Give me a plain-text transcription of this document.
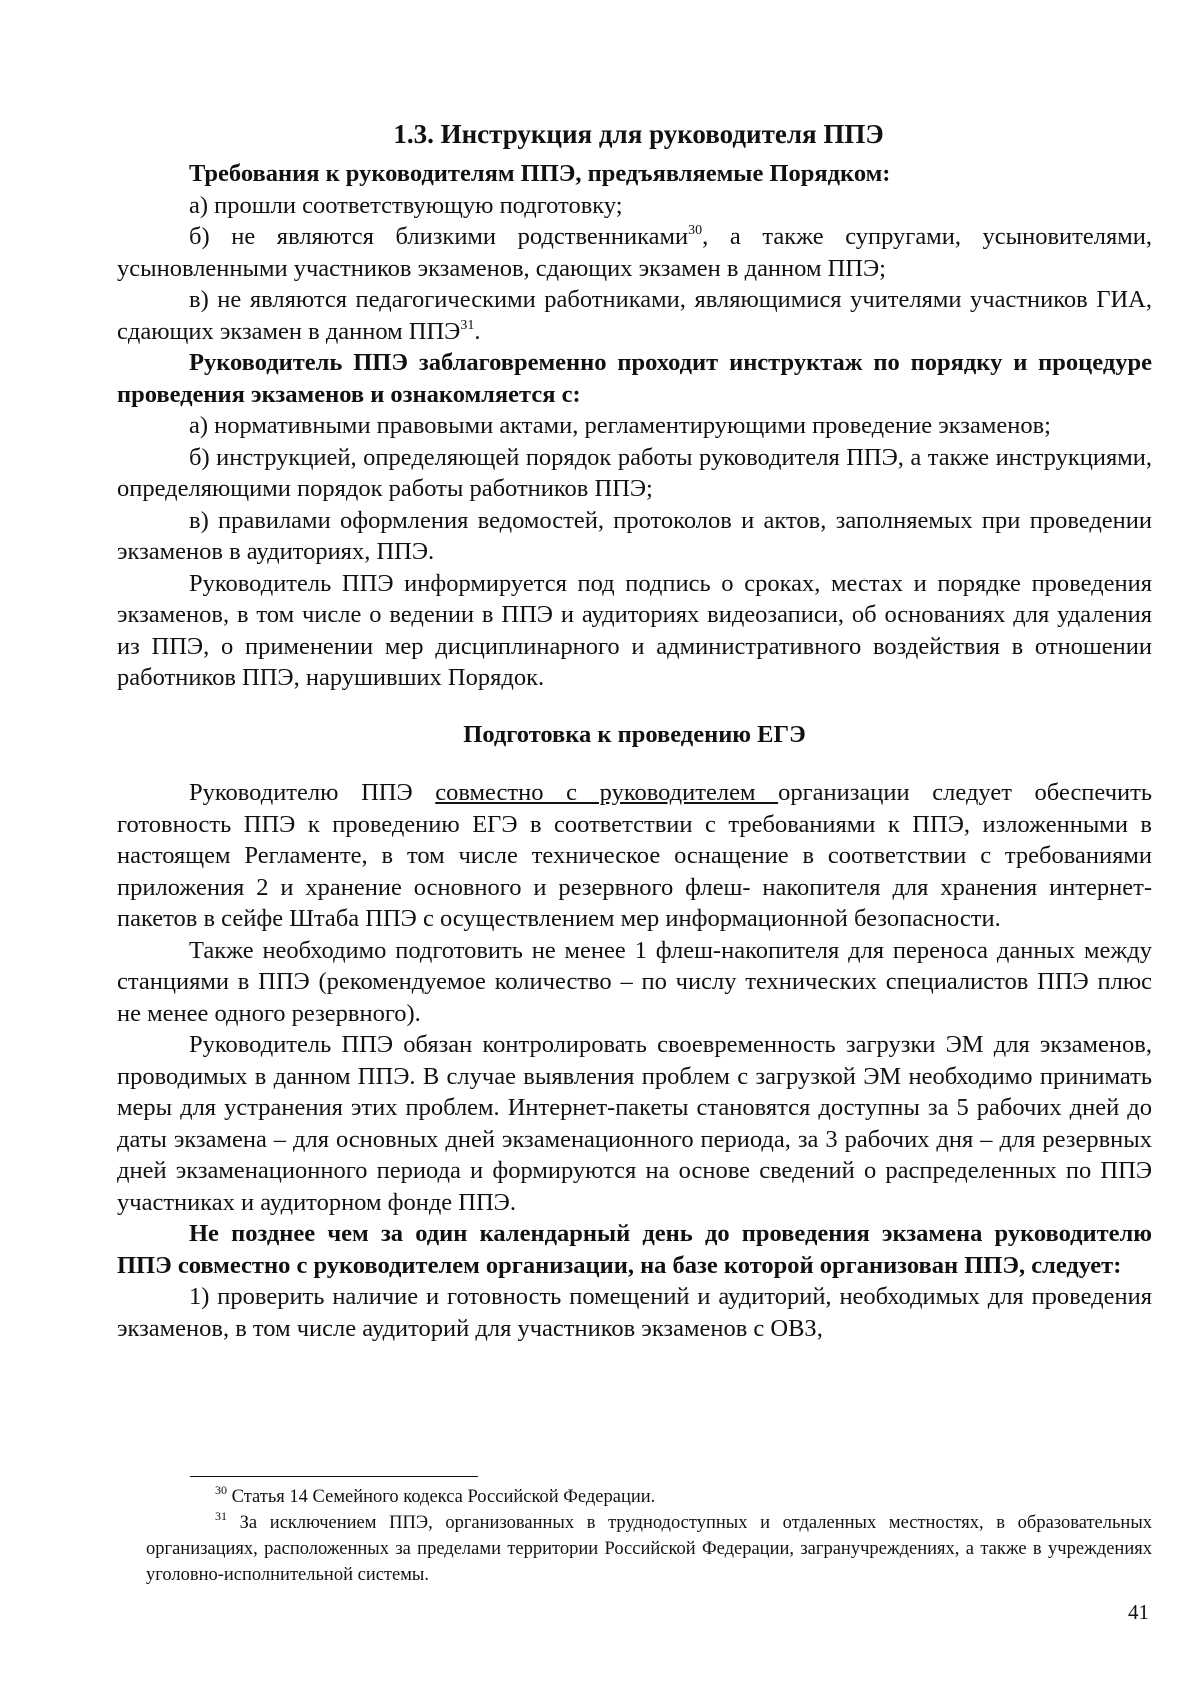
1.3. Инструкция для руководителя ППЭ

Требования к руководителям ППЭ, предъявляемые Порядком:

а) прошли соответствующую подготовку;

б) не являются близкими родственниками$^{30}$, а также супругами, усыновителями, усыновленными участников экзаменов, сдающих экзамен в данном ППЭ;

в) не являются педагогическими работниками, являющимися учителями участников ГИА, сдающих экзамен в данном ППЭ$^{31}$.

Руководитель ППЭ заблаговременно проходит инструктаж по порядку и процедуре проведения экзаменов и ознакомляется с:

а) нормативными правовыми актами, регламентирующими проведение экзаменов;

б) инструкцией, определяющей порядок работы руководителя ППЭ, а также инструкциями, определяющими порядок работы работников ППЭ;

в) правилами оформления ведомостей, протоколов и актов, заполняемых при проведении экзаменов в аудиториях, ППЭ.

Руководитель ППЭ информируется под подпись о сроках, местах и порядке проведения экзаменов, в том числе о ведении в ППЭ и аудиториях видеозаписи, об основаниях для удаления из ППЭ, о применении мер дисциплинарного и административного воздействия в отношении работников ППЭ, нарушивших Порядок.

Подготовка к проведению ЕГЭ

Руководителю ППЭ совместно с руководителем организации следует обеспечить готовность ППЭ к проведению ЕГЭ в соответствии с требованиями к ППЭ, изложенными в настоящем Регламенте, в том числе техническое оснащение в соответствии с требованиями приложения 2 и хранение основного и резервного флеш- накопителя для хранения интернет-пакетов в сейфе Штаба ППЭ с осуществлением мер информационной безопасности.

Также необходимо подготовить не менее 1 флеш-накопителя для переноса данных между станциями в ППЭ (рекомендуемое количество – по числу технических специалистов ППЭ плюс не менее одного резервного).

Руководитель ППЭ обязан контролировать своевременность загрузки ЭМ для экзаменов, проводимых в данном ППЭ. В случае выявления проблем с загрузкой ЭМ необходимо принимать меры для устранения этих проблем. Интернет-пакеты становятся доступны за 5 рабочих дней до даты экзамена – для основных дней экзаменационного периода, за 3 рабочих дня – для резервных дней экзаменационного периода и формируются на основе сведений о распределенных по ППЭ участниках и аудиторном фонде ППЭ.

Не позднее чем за один календарный день до проведения экзамена руководителю ППЭ совместно с руководителем организации, на базе которой организован ППЭ, следует:

1) проверить наличие и готовность помещений и аудиторий, необходимых для проведения экзаменов, в том числе аудиторий для участников экзаменов с ОВЗ,

$^{30}$ Статья 14 Семейного кодекса Российской Федерации.

$^{31}$ За исключением ППЭ, организованных в труднодоступных и отдаленных местностях, в образовательных организациях, расположенных за пределами территории Российской Федерации, загранучреждениях, а также в учреждениях уголовно-исполнительной системы.

41
